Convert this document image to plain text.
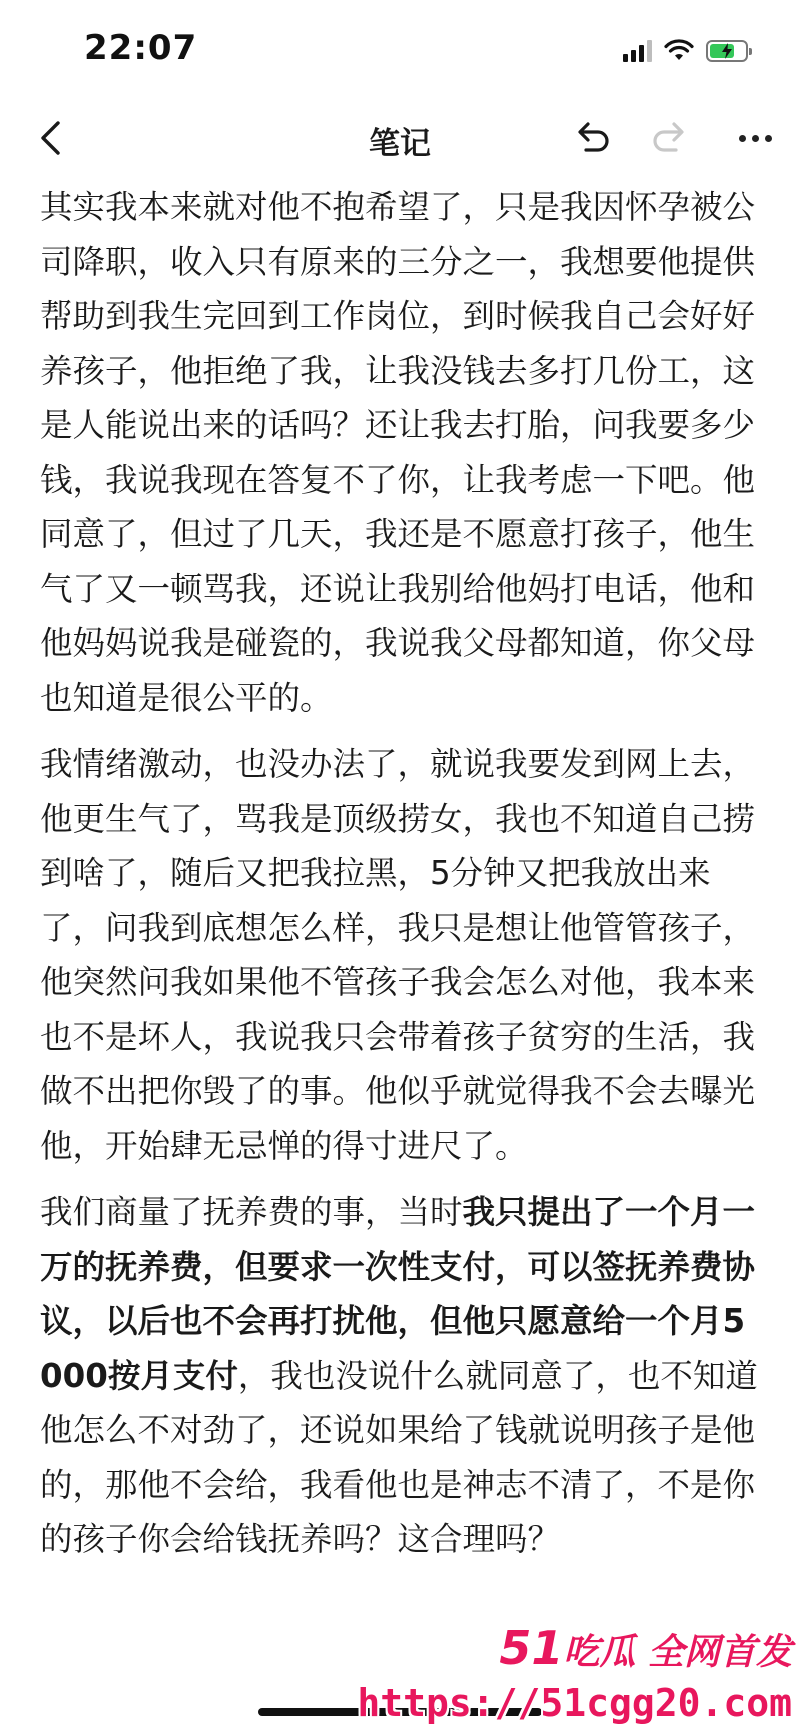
22:07
笔记

其实我本来就对他不抱希望了，只是我因怀孕被公司降职，收入只有原来的三分之一，我想要他提供帮助到我生完回到工作岗位，到时候我自己会好好养孩子，他拒绝了我，让我没钱去多打几份工，这是人能说出来的话吗？还让我去打胎，问我要多少钱，我说我现在答复不了你，让我考虑一下吧。他同意了，但过了几天，我还是不愿意打孩子，他生气了又一顿骂我，还说让我别给他妈打电话，他和他妈妈说我是碰瓷的，我说我父母都知道，你父母也知道是很公平的。

我情绪激动，也没办法了，就说我要发到网上去，他更生气了，骂我是顶级捞女，我也不知道自己捞到啥了，随后又把我拉黑，5分钟又把我放出来了，问我到底想怎么样，我只是想让他管管孩子，他突然问我如果他不管孩子我会怎么对他，我本来也不是坏人，我说我只会带着孩子贫穷的生活，我做不出把你毁了的事。他似乎就觉得我不会去曝光他，开始肆无忌惮的得寸进尺了。

我们商量了抚养费的事，当时我只提出了一个月一万的抚养费，但要求一次性支付，可以签抚养费协议，以后也不会再打扰他，但他只愿意给一个月5000按月支付，我也没说什么就同意了，也不知道他怎么不对劲了，还说如果给了钱就说明孩子是他的，那他不会给，我看他也是神志不清了，不是你的孩子你会给钱抚养吗？这合理吗？

51吃瓜 全网首发
https://51cgg20.com
